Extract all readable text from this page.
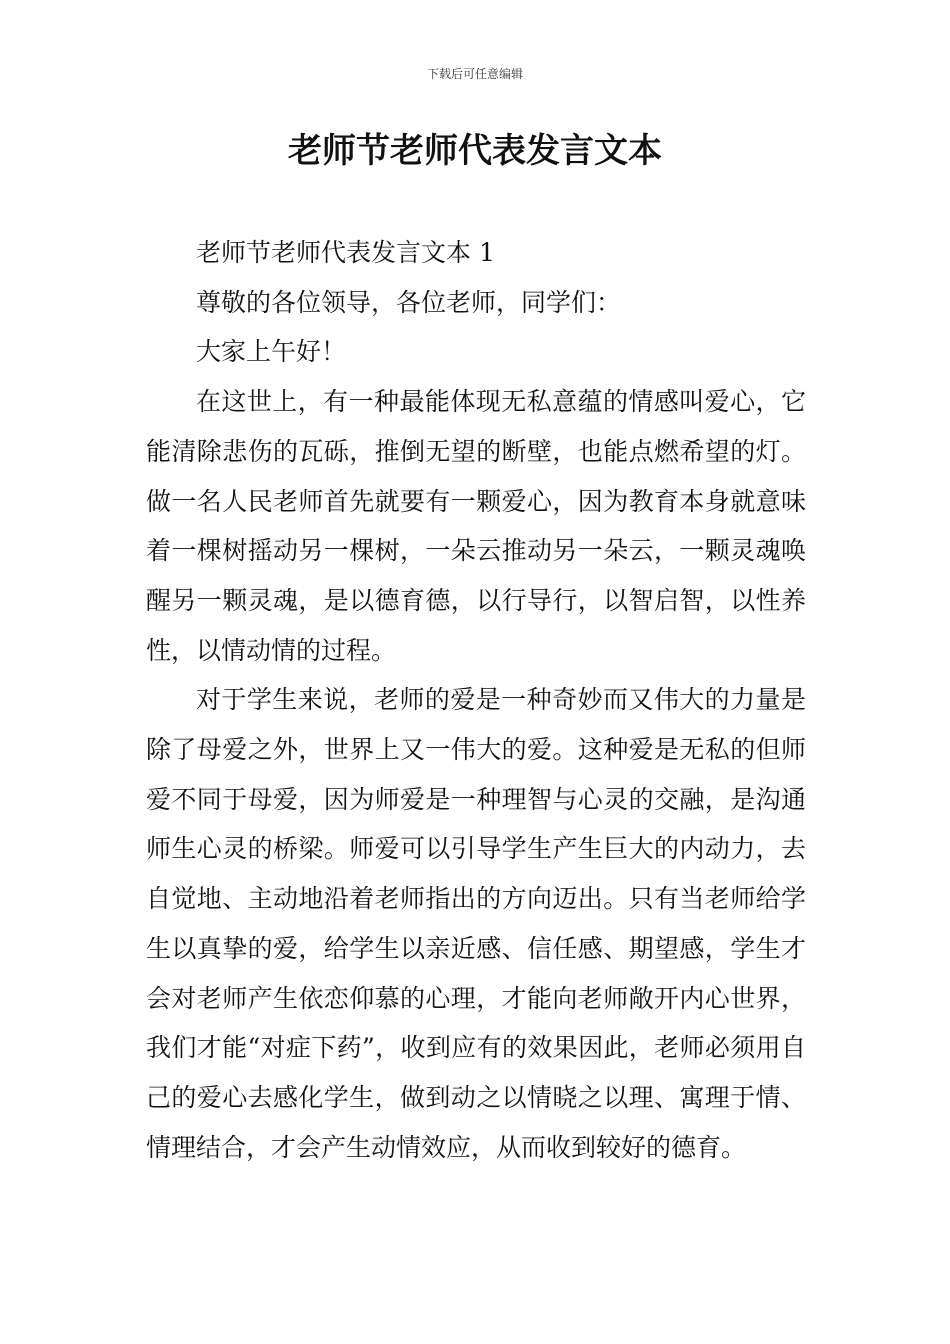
下载后可任意编辑
老师节老师代表发言文本

老师节老师代表发言文本 1

尊敬的各位领导，各位老师，同学们：

大家上午好！

在这世上，有一种最能体现无私意蕴的情感叫爱心，它能清除悲伤的瓦砾，推倒无望的断壁，也能点燃希望的灯。做一名人民老师首先就要有一颗爱心，因为教育本身就意味着一棵树摇动另一棵树，一朵云推动另一朵云，一颗灵魂唤醒另一颗灵魂，是以德育德，以行导行，以智启智，以性养性，以情动情的过程。

对于学生来说，老师的爱是一种奇妙而又伟大的力量是除了母爱之外，世界上又一伟大的爱。这种爱是无私的但师爱不同于母爱，因为师爱是一种理智与心灵的交融，是沟通师生心灵的桥梁。师爱可以引导学生产生巨大的内动力，去自觉地、主动地沿着老师指出的方向迈出。只有当老师给学生以真挚的爱，给学生以亲近感、信任感、期望感，学生才会对老师产生依恋仰慕的心理，才能向老师敞开内心世界，我们才能“对症下药”，收到应有的效果因此，老师必须用自己的爱心去感化学生，做到动之以情晓之以理、寓理于情、情理结合，才会产生动情效应，从而收到较好的德育。
